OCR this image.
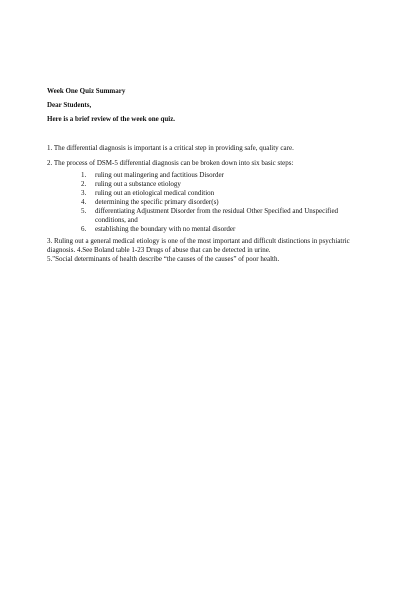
Week One Quiz Summary

Dear Students,

Here is a brief review of the week one quiz.

1. The differential diagnosis is important is a critical step in providing safe, quality care.

2. The process of DSM-5 differential diagnosis can be broken down into six basic steps:

1. ruling out malingering and factitious Disorder
2. ruling out a substance etiology
3. ruling out an etiological medical condition
4. determining the specific primary disorder(s)
5. differentiating Adjustment Disorder from the residual Other Specified and Unspecified conditions, and
6. establishing the boundary with no mental disorder

3. Ruling out a general medical etiology is one of the most important and difficult distinctions in psychiatric diagnosis. 4.See Boland table 1-23 Drugs of abuse that can be detected in urine.

5."Social determinants of health describe “the causes of the causes” of poor health.
